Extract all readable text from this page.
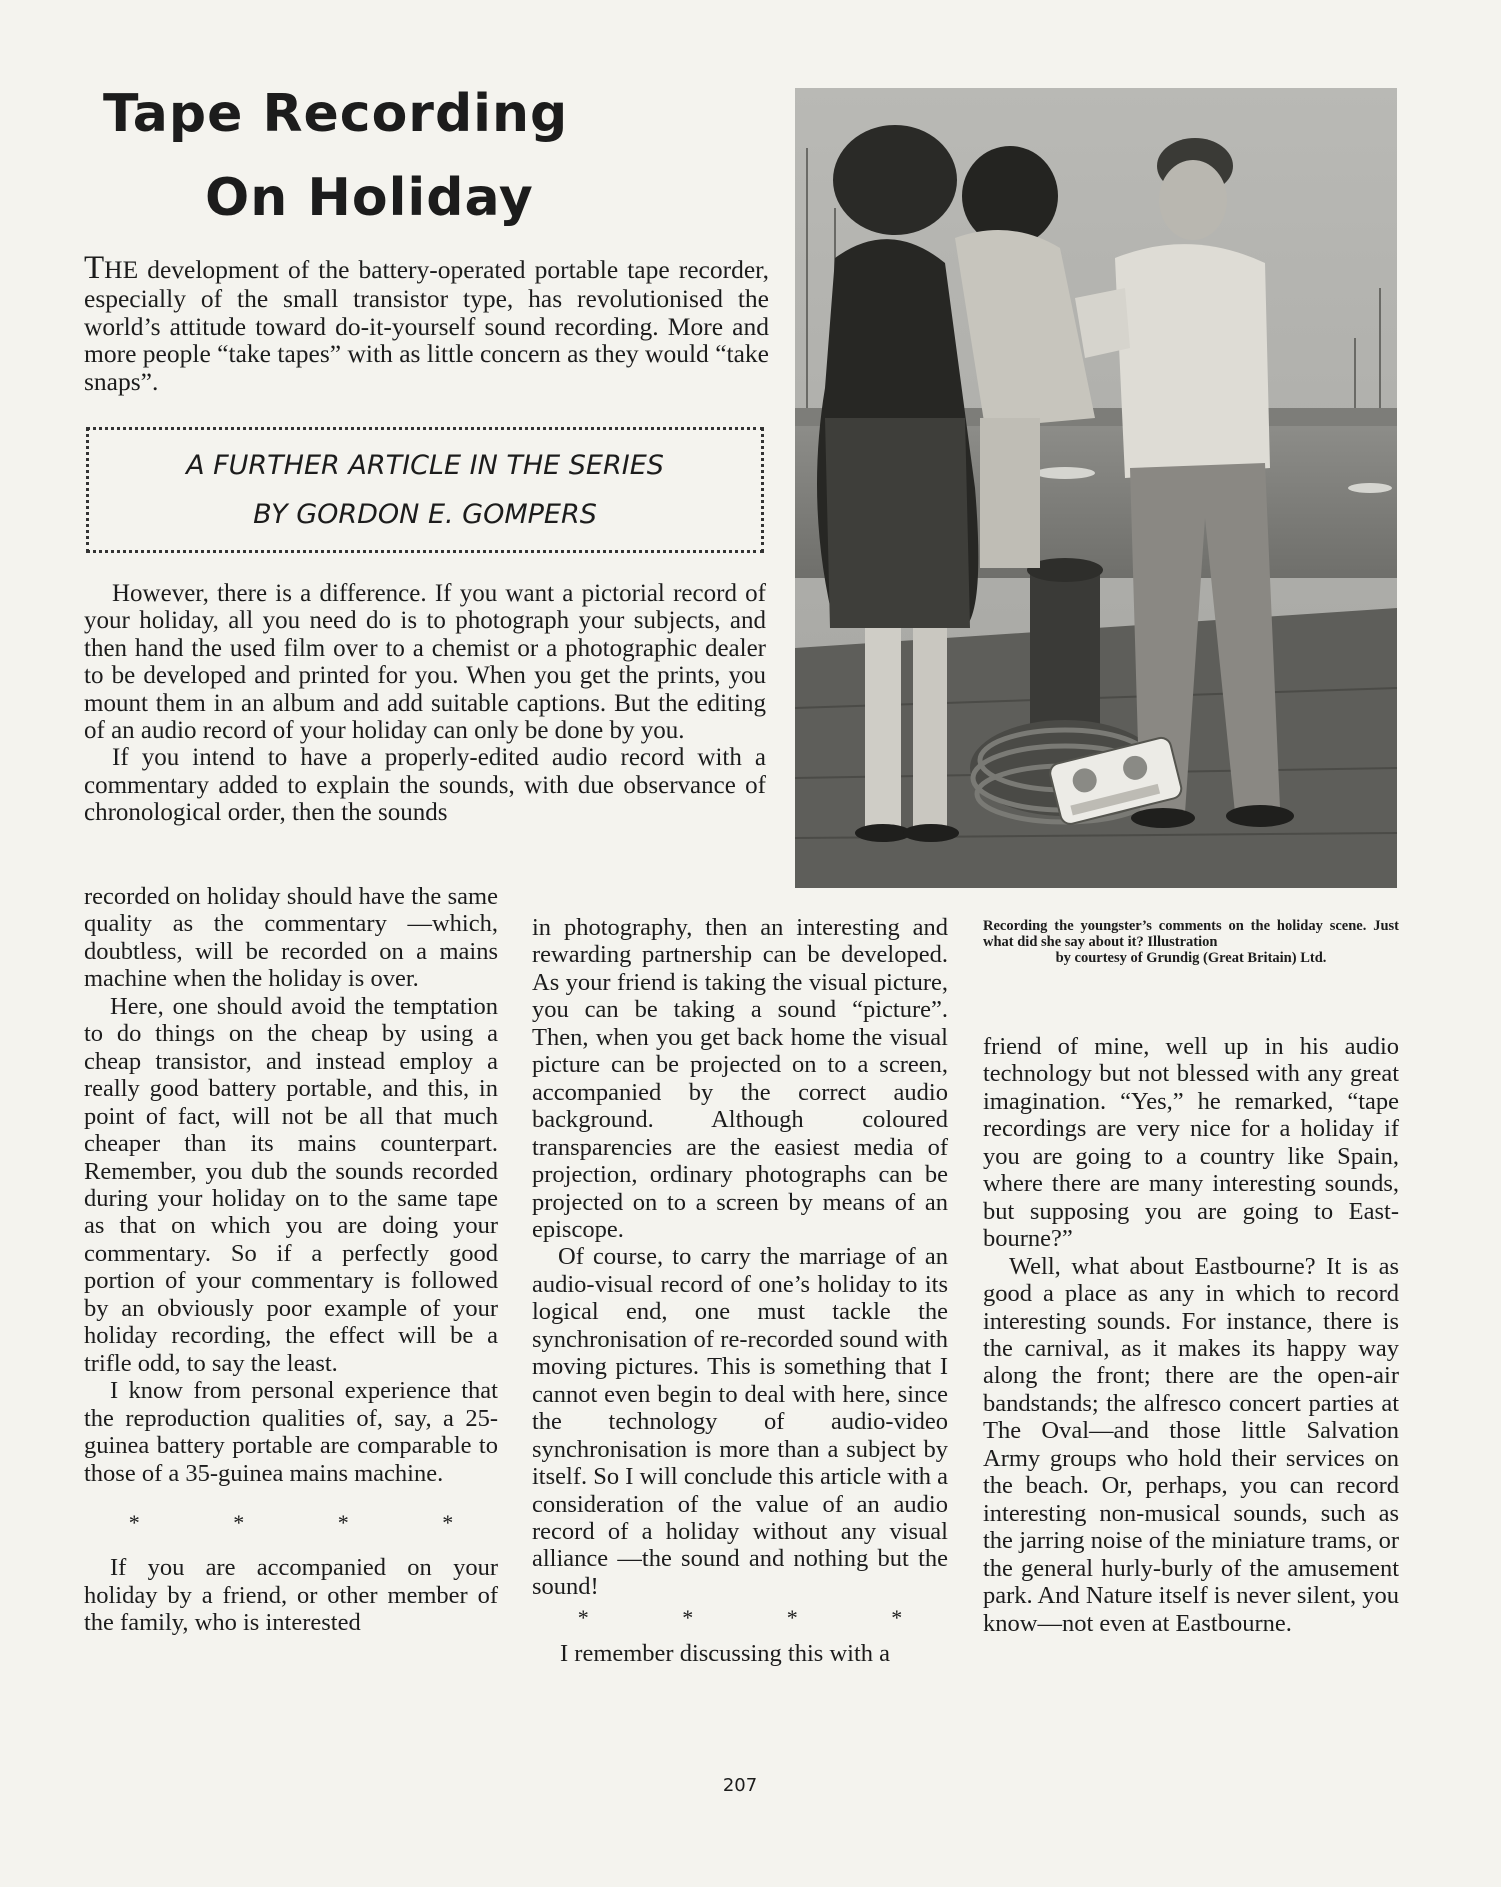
Tape Recording
On Holiday

THE development of the battery-operated portable tape recorder, especially of the small transistor type, has revolutionised the world’s attitude toward do-it-yourself sound recording. More and more people “take tapes” with as little concern as they would “take snaps”.

A FURTHER ARTICLE IN THE SERIES
BY GORDON E. GOMPERS

However, there is a difference. If you want a pictorial record of your holiday, all you need do is to photograph your subjects, and then hand the used film over to a chemist or a photographic dealer to be developed and printed for you. When you get the prints, you mount them in an album and add suitable captions. But the editing of an audio record of your holiday can only be done by you.

If you intend to have a properly-edited audio record with a commentary added to explain the sounds, with due observance of chronological order, then the sounds

recorded on holiday should have the same quality as the commentary —which, doubtless, will be recorded on a mains machine when the holiday is over.

Here, one should avoid the temptation to do things on the cheap by using a cheap transistor, and instead employ a really good battery portable, and this, in point of fact, will not be all that much cheaper than its mains counterpart. Remember, you dub the sounds recorded during your holiday on to the same tape as that on which you are doing your commentary. So if a perfectly good portion of your commentary is followed by an obviously poor example of your holiday recording, the effect will be a trifle odd, to say the least.

I know from personal experience that the reproduction qualities of, say, a 25-guinea battery portable are comparable to those of a 35-guinea mains machine.

* * * *

If you are accompanied on your holiday by a friend, or other member of the family, who is interested

in photography, then an interesting and rewarding partnership can be developed. As your friend is taking the visual picture, you can be taking a sound “picture”. Then, when you get back home the visual picture can be projected on to a screen, accompanied by the correct audio background. Although coloured transparencies are the easiest media of projection, ordinary photographs can be projected on to a screen by means of an episcope.

Of course, to carry the marriage of an audio-visual record of one’s holiday to its logical end, one must tackle the synchronisation of re-recorded sound with moving pictures. This is something that I cannot even begin to deal with here, since the technology of audio-video synchronisation is more than a subject by itself. So I will conclude this article with a consideration of the value of an audio record of a holiday without any visual alliance —the sound and nothing but the sound!

* * * *

I remember discussing this with a

friend of mine, well up in his audio technology but not blessed with any great imagination. “Yes,” he remarked, “tape recordings are very nice for a holiday if you are going to a country like Spain, where there are many interesting sounds, but supposing you are going to Eastbourne?”

Well, what about Eastbourne? It is as good a place as any in which to record interesting sounds. For instance, there is the carnival, as it makes its happy way along the front; there are the open-air bandstands; the alfresco concert parties at The Oval—and those little Salvation Army groups who hold their services on the beach. Or, perhaps, you can record interesting non-musical sounds, such as the jarring noise of the miniature trams, or the general hurly-burly of the amusement park. And Nature itself is never silent, you know—not even at Eastbourne.

Recording the youngster’s comments on the holiday scene. Just what did she say about it? Illustration
by courtesy of Grundig (Great Britain) Ltd.

207
